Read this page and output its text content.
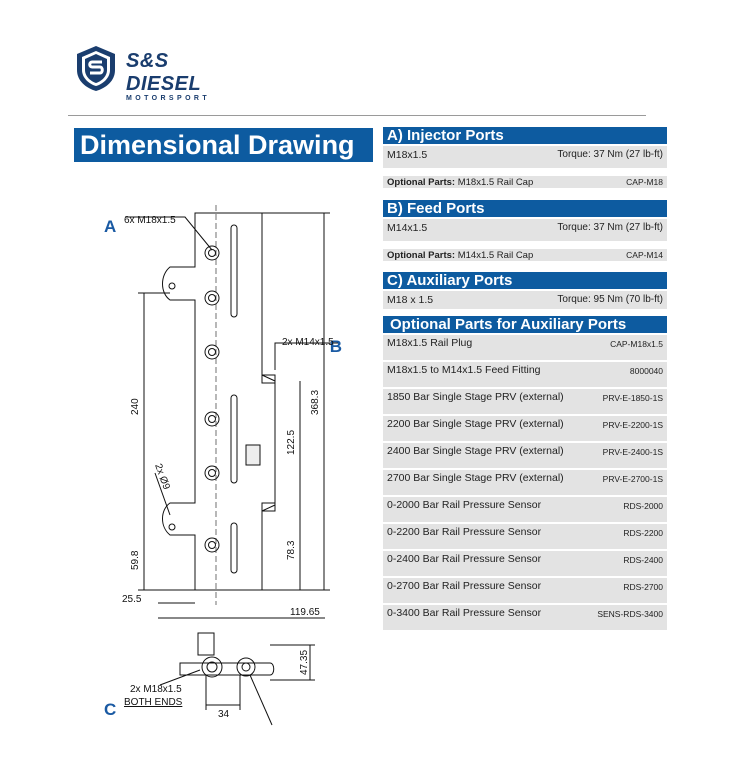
S&S DIESEL
MOTORSPORT
Dimensional Drawing	A) Injector Ports
M18x1.5	Torque: 37 Nm (27 lb-ft)
Optional Parts: M18x1.5 Rail Cap	CAP-M18
B) Feed Ports
M14x1.5	Torque: 37 Nm (27 lb-ft)
Optional Parts: M14x1.5 Rail Cap	CAP-M14
C) Auxiliary Ports
M18 x 1.5	Torque: 95 Nm (70 lb-ft)
Optional Parts for Auxiliary Ports
M18x1.5 Rail Plug	CAP-M18x1.5
M18x1.5 to M14x1.5 Feed Fitting	8000040
1850 Bar Single Stage PRV (external)	PRV-E-1850-1S
2200 Bar Single Stage PRV (external)	PRV-E-2200-1S
2400 Bar Single Stage PRV (external)	PRV-E-2400-1S
2700 Bar Single Stage PRV (external)	PRV-E-2700-1S
0-2000 Bar Rail Pressure Sensor	RDS-2000
0-2200 Bar Rail Pressure Sensor	RDS-2200
0-2400 Bar Rail Pressure Sensor	RDS-2400
0-2700 Bar Rail Pressure Sensor	RDS-2700
0-3400 Bar Rail Pressure Sensor	SENS-RDS-3400
A 6x M18x1.5
B
2x M14x1.5
C
2x M18x1.5
BOTH ENDS
240	368.3
122.5
78.3
59.8
25.5
119.65
47.35
34
2x Ø9
